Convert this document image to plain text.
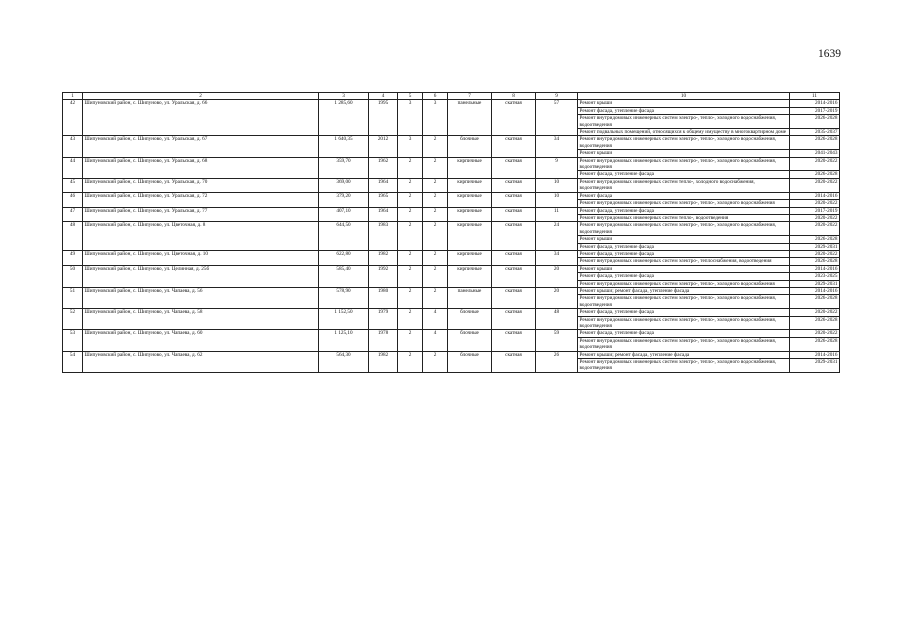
1639
1	2	3	4	5	6	7	8	9	10	11
42	Шипуновский район, с. Шипуново, ул. Уральская, д. 66	1 285,60	1995	3	3	панельные	скатная	57	Ремонт крыши	2014-2016
									Ремонт фасада, утепление фасада	2017-2019
									Ремонт внутридомовых инженерных систем электро-, тепло-, холодного водоснабжения, водоотведения	2026-2028
									Ремонт подвальных помещений, относящихся к общему имуществу в многоквартирном доме	2035-2037
43	Шипуновский район, с. Шипуново, ул. Уральская, д. 67	1 640,35	2012	3	2	блочные	скатная	34	Ремонт внутридомовых инженерных систем электро-, тепло-, холодного водоснабжения, водоотведения	2026-2028
									Ремонт крыши	2041-2043
44	Шипуновский район, с. Шипуново, ул. Уральская, д. 68	359,70	1962	2	2	кирпичные	скатная	9	Ремонт внутридомовых инженерных систем электро-, тепло-, холодного водоснабжения, водоотведения	2020-2022
									Ремонт фасада, утепление фасада	2026-2028
45	Шипуновский район, с. Шипуново, ул. Уральская, д. 70	369,00	1964	2	2	кирпичные	скатная	10	Ремонт внутридомовых инженерных систем тепло-, холодного водоснабжения, водоотведения	2020-2022
46	Шипуновский район, с. Шипуново, ул. Уральская, д. 72	379,20	1965	2	2	кирпичные	скатная	10	Ремонт фасада	2014-2016
									Ремонт внутридомовых инженерных систем электро-, тепло-, холодного водоснабжения	2020-2022
47	Шипуновский район, с. Шипуново, ул. Уральская, д. 77	407,10	1964	2	2	кирпичные	скатная	11	Ремонт фасада, утепление фасада	2017-2019
									Ремонт внутридомовых инженерных систем тепло-, водоотведения	2020-2022
48	Шипуновский район, с. Шипуново, ул. Цветочная, д. 8	644,50	1983	2	2	кирпичные	скатная	24	Ремонт внутридомовых инженерных систем электро-, тепло-, холодного водоснабжения, водоотведения	2020-2022
									Ремонт крыши	2026-2028
									Ремонт фасада, утепление фасада	2029-2031
49	Шипуновский район, с. Шипуново, ул. Цветочная, д. 10	622,80	1982	2	2	кирпичные	скатная	34	Ремонт фасада, утепление фасада	2020-2022
									Ремонт внутридомовых инженерных систем электро-, теплоснабжения, водоотведения	2026-2028
50	Шипуновский район, с. Шипуново, ул. Целинная, д. 25б	585,40	1992	2	2	кирпичные	скатная	20	Ремонт крыши	2014-2016
									Ремонт фасада, утепление фасада	2023-2025
									Ремонт внутридомовых инженерных систем электро-, тепло-, холодного водоснабжения	2029-2031
51	Шипуновский район, с. Шипуново, ул. Чапаева, д. 56	578,90	1980	2	2	панельные	скатная	20	Ремонт крыши; ремонт фасада, утепление фасада	2014-2016
									Ремонт внутридомовых инженерных систем электро-, тепло-, холодного водоснабжения, водоотведения	2026-2028
52	Шипуновский район, с. Шипуново, ул. Чапаева, д. 58	1 152,50	1979	2	4	блочные	скатная	48	Ремонт фасада, утепление фасада	2020-2022
									Ремонт внутридомовых инженерных систем электро-, тепло-, холодного водоснабжения, водоотведения	2026-2028
53	Шипуновский район, с. Шипуново, ул. Чапаева, д. 60	1 125,10	1978	2	4	блочные	скатная	59	Ремонт фасада, утепление фасада	2020-2022
									Ремонт внутридомовых инженерных систем электро-, тепло-, холодного водоснабжения, водоотведения	2026-2028
54	Шипуновский район, с. Шипуново, ул. Чапаева, д. 62	564,30	1982	2	2	блочные	скатная	26	Ремонт крыши; ремонт фасада, утепление фасада	2014-2016
									Ремонт внутридомовых инженерных систем электро-, тепло-, холодного водоснабжения, водоотведения	2029-2031
